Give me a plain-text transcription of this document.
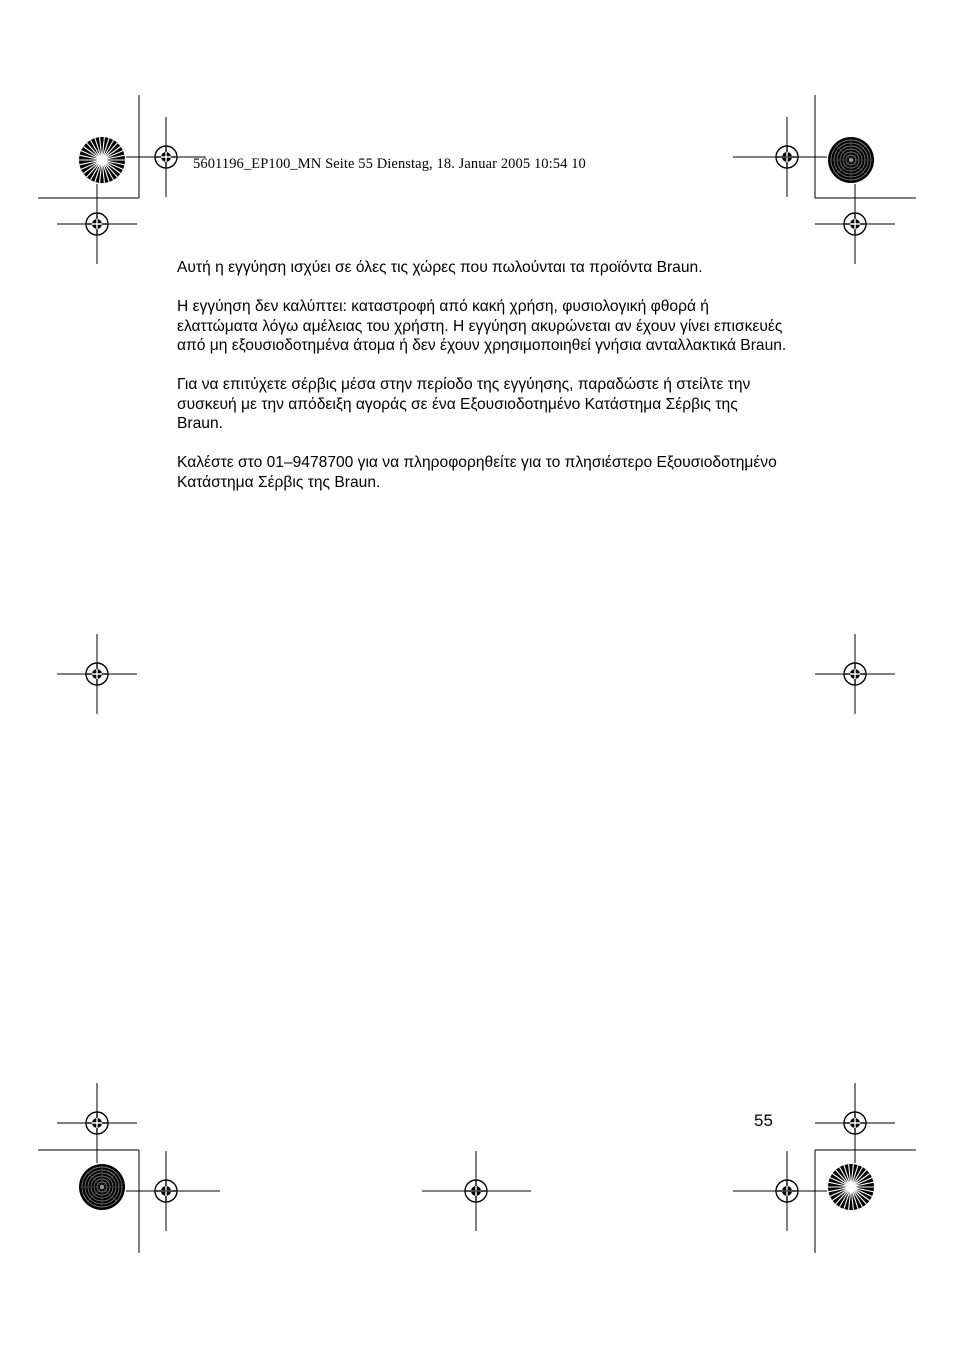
5601196_EP100_MN Seite 55 Dienstag, 18. Januar 2005 10:54 10

Αυτή η εγγύηση ισχύει σε όλες τις χώρες που πωλούνται τα προϊόντα Braun.

Η εγγύηση δεν καλύπτει: καταστροφή από κακή χρήση, φυσιολογική φθορά ή ελαττώματα λόγω αμέλειας του χρήστη. Η εγγύηση ακυρώνεται αν έχουν γίνει επισκευές από μη εξουσιοδοτημένα άτομα ή δεν έχουν χρησιμοποιηθεί γνήσια ανταλλακτικά Braun.

Για να επιτύχετε σέρβις μέσα στην περίοδο της εγγύησης, παραδώστε ή στείλτε την συσκευή με την απόδειξη αγοράς σε ένα Εξουσιοδοτημένο Κατάστημα Σέρβις της Braun.

Καλέστε στο 01–9478700 για να πληροφορηθείτε για το πλησιέστερο Εξουσιοδοτημένο Κατάστημα Σέρβις της Braun.

55
